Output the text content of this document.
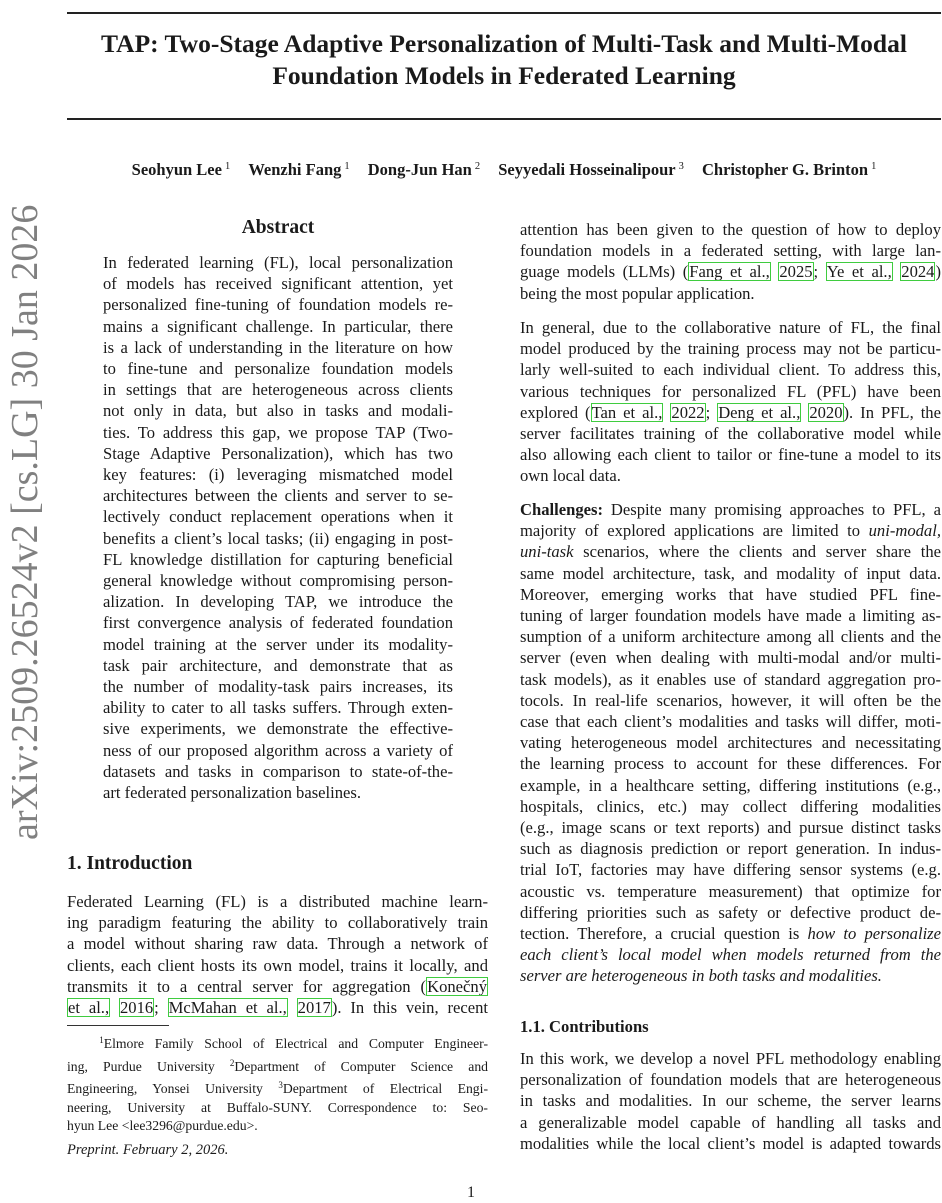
TAP: Two-Stage Adaptive Personalization of Multi-Task and Multi-Modal
Foundation Models in Federated Learning
Seohyun Lee $^1$ Wenzhi Fang $^1$ Dong-Jun Han $^2$ Seyyedali Hosseinalipour $^3$ Christopher G. Brinton $^1$
arXiv:2509.26524v2 [cs.LG] 30 Jan 2026	Abstract
In federated learning (FL), local personalization
of models has received significant attention, yet
personalized fine-tuning of foundation models re-
mains a significant challenge. In particular, there
is a lack of understanding in the literature on how
to fine-tune and personalize foundation models
in settings that are heterogeneous across clients
not only in data, but also in tasks and modali-
ties. To address this gap, we propose TAP (Two-
Stage Adaptive Personalization), which has two
key features: (i) leveraging mismatched model
architectures between the clients and server to se-
lectively conduct replacement operations when it
benefits a client’s local tasks; (ii) engaging in post-
FL knowledge distillation for capturing beneficial
general knowledge without compromising person-
alization. In developing TAP, we introduce the
first convergence analysis of federated foundation
model training at the server under its modality-
task pair architecture, and demonstrate that as
the number of modality-task pairs increases, its
ability to cater to all tasks suffers. Through exten-
sive experiments, we demonstrate the effective-
ness of our proposed algorithm across a variety of
datasets and tasks in comparison to state-of-the-
art federated personalization baselines.
1. Introduction
Federated Learning (FL) is a distributed machine learn-
ing paradigm featuring the ability to collaboratively train
a model without sharing raw data. Through a network of
clients, each client hosts its own model, trains it locally, and
transmits it to a central server for aggregation (Konečný
et al., 2016; McMahan et al., 2017). In this vein, recent
$^1$Elmore Family School of Electrical and Computer Engineer-
ing, Purdue University $^2$Department of Computer Science and
Engineering, Yonsei University $^3$Department of Electrical Engi-
neering, University at Buffalo-SUNY. Correspondence to: Seo-
hyun Lee <lee3296@purdue.edu>.
Preprint. February 2, 2026.
attention has been given to the question of how to deploy
foundation models in a federated setting, with large lan-
guage models (LLMs) (Fang et al., 2025; Ye et al., 2024)
being the most popular application.
In general, due to the collaborative nature of FL, the final
model produced by the training process may not be particu-
larly well-suited to each individual client. To address this,
various techniques for personalized FL (PFL) have been
explored (Tan et al., 2022; Deng et al., 2020). In PFL, the
server facilitates training of the collaborative model while
also allowing each client to tailor or fine-tune a model to its
own local data.
Challenges: Despite many promising approaches to PFL, a
majority of explored applications are limited to uni-modal,
uni-task scenarios, where the clients and server share the
same model architecture, task, and modality of input data.
Moreover, emerging works that have studied PFL fine-
tuning of larger foundation models have made a limiting as-
sumption of a uniform architecture among all clients and the
server (even when dealing with multi-modal and/or multi-
task models), as it enables use of standard aggregation pro-
tocols. In real-life scenarios, however, it will often be the
case that each client’s modalities and tasks will differ, moti-
vating heterogeneous model architectures and necessitating
the learning process to account for these differences. For
example, in a healthcare setting, differing institutions (e.g.,
hospitals, clinics, etc.) may collect differing modalities
(e.g., image scans or text reports) and pursue distinct tasks
such as diagnosis prediction or report generation. In indus-
trial IoT, factories may have differing sensor systems (e.g.
acoustic vs. temperature measurement) that optimize for
differing priorities such as safety or defective product de-
tection. Therefore, a crucial question is how to personalize
each client’s local model when models returned from the
server are heterogeneous in both tasks and modalities.
1.1. Contributions
In this work, we develop a novel PFL methodology enabling
personalization of foundation models that are heterogeneous
in tasks and modalities. In our scheme, the server learns
a generalizable model capable of handling all tasks and
modalities while the local client’s model is adapted towards
1
